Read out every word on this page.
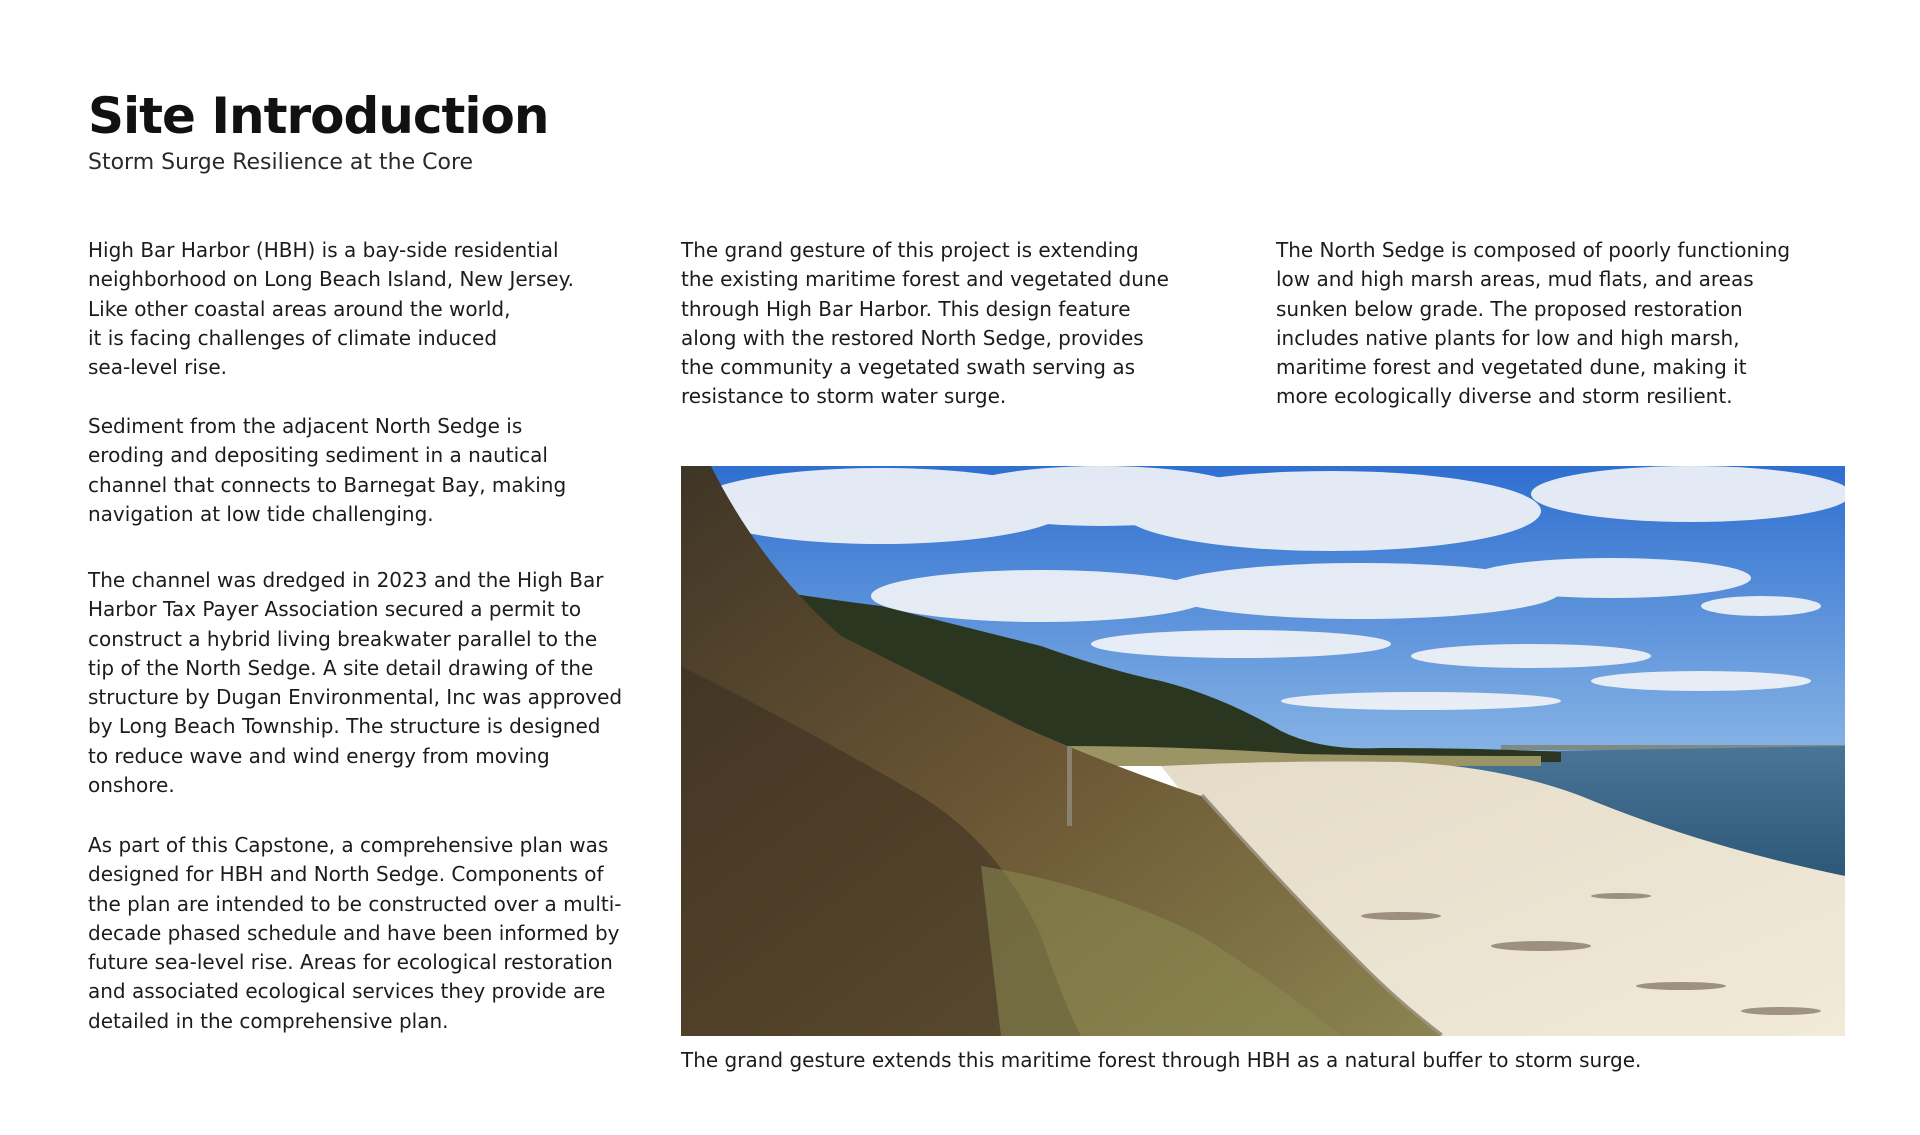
Site Introduction
Storm Surge Resilience at the Core

High Bar Harbor (HBH) is a bay-side residential
neighborhood on Long Beach Island, New Jersey.
Like other coastal areas around the world,
it is facing challenges of climate induced
sea-level rise.

Sediment from the adjacent North Sedge is
eroding and depositing sediment in a nautical
channel that connects to Barnegat Bay, making
navigation at low tide challenging.

The channel was dredged in 2023 and the High Bar
Harbor Tax Payer Association secured a permit to
construct a hybrid living breakwater parallel to the
tip of the North Sedge. A site detail drawing of the
structure by Dugan Environmental, Inc was approved
by Long Beach Township. The structure is designed
to reduce wave and wind energy from moving
onshore.

As part of this Capstone, a comprehensive plan was
designed for HBH and North Sedge. Components of
the plan are intended to be constructed over a multi-
decade phased schedule and have been informed by
future sea-level rise. Areas for ecological restoration
and associated ecological services they provide are
detailed in the comprehensive plan.

The grand gesture of this project is extending
the existing maritime forest and vegetated dune
through High Bar Harbor. This design feature
along with the restored North Sedge, provides
the community a vegetated swath serving as
resistance to storm water surge.

The North Sedge is composed of poorly functioning
low and high marsh areas, mud flats, and areas
sunken below grade. The proposed restoration
includes native plants for low and high marsh,
maritime forest and vegetated dune, making it
more ecologically diverse and storm resilient.

The grand gesture extends this maritime forest through HBH as a natural buffer to storm surge.
